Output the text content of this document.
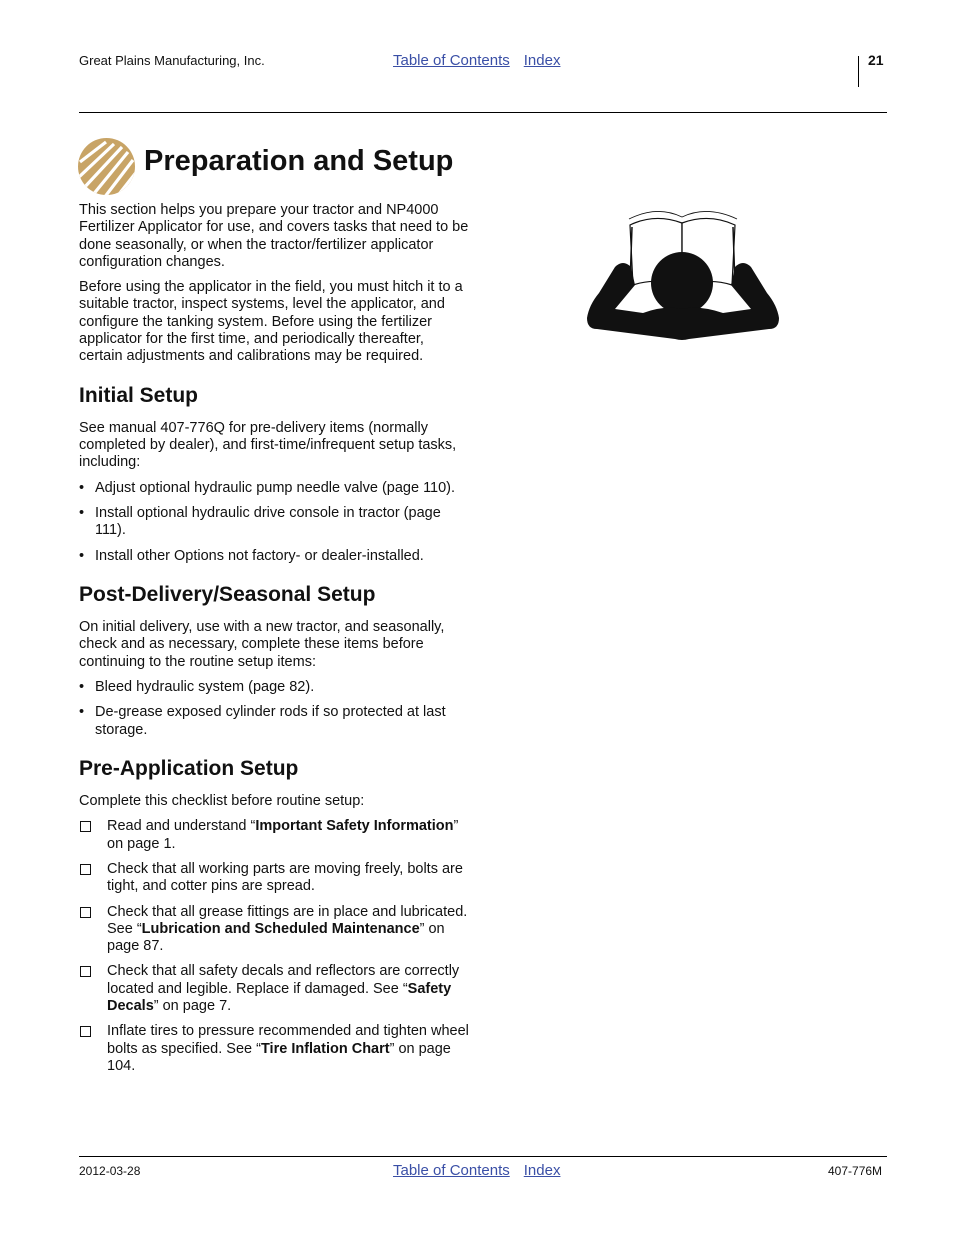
Great Plains Manufacturing, Inc.	Table of Contents Index	21
Preparation and Setup

This section helps you prepare your tractor and NP4000 Fertilizer Applicator for use, and covers tasks that need to be done seasonally, or when the tractor/fertilizer applicator configuration changes.

Before using the applicator in the field, you must hitch it to a suitable tractor, inspect systems, level the applicator, and configure the tanking system. Before using the fertilizer applicator for the first time, and periodically thereafter, certain adjustments and calibrations may be required.

Initial Setup

See manual 407-776Q for pre-delivery items (normally completed by dealer), and first-time/infrequent setup tasks, including:

• Adjust optional hydraulic pump needle valve (page 110).
• Install optional hydraulic drive console in tractor (page 111).
• Install other Options not factory- or dealer-installed.
Post-Delivery/Seasonal Setup

On initial delivery, use with a new tractor, and seasonally, check and as necessary, complete these items before continuing to the routine setup items:

• Bleed hydraulic system (page 82).
• De-grease exposed cylinder rods if so protected at last storage.
Pre-Application Setup

Complete this checklist before routine setup:

Read and understand “Important Safety Information” on page 1.
Check that all working parts are moving freely, bolts are tight, and cotter pins are spread.
Check that all grease fittings are in place and lubricated. See “Lubrication and Scheduled Maintenance” on page 87.
Check that all safety decals and reflectors are correctly located and legible. Replace if damaged. See “Safety Decals” on page 7.
Inflate tires to pressure recommended and tighten wheel bolts as specified. See “Tire Inflation Chart” on page 104.
2012-03-28	Table of Contents Index	407-776M
